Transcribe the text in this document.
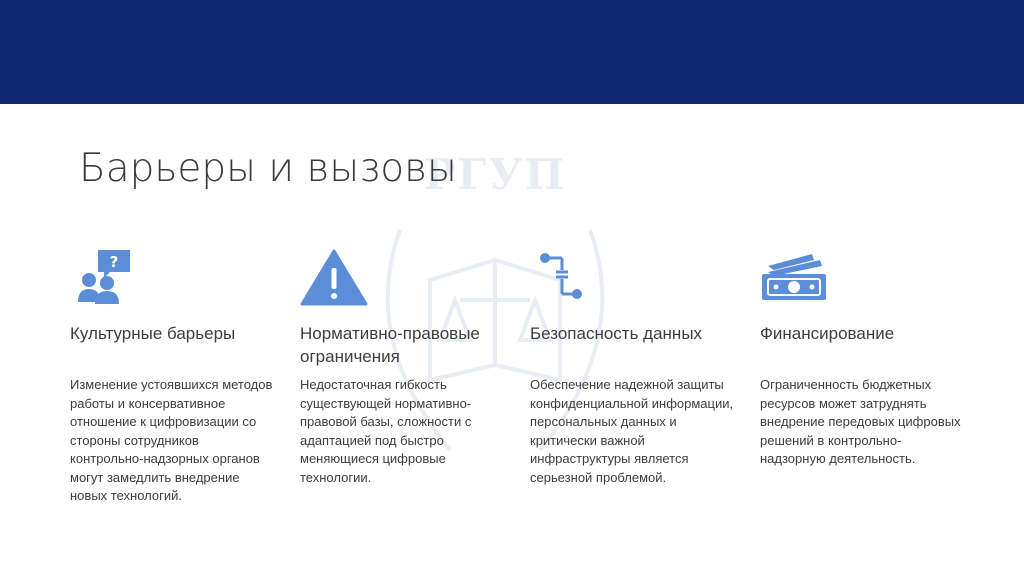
РГУП
Барьеры и вызовы
?
Культурные барьеры
Изменение устоявшихся методов работы и консервативное отношение к цифровизации со стороны сотрудников контрольно-надзорных органов могут замедлить внедрение новых технологий.
Нормативно-правовые ограничения
Недостаточная гибкость существующей нормативно-правовой базы, сложности с адаптацией под быстро меняющиеся цифровые технологии.
Безопасность данных
Обеспечение надежной защиты конфиденциальной информации, персональных данных и критически важной инфраструктуры является серьезной проблемой.
Финансирование
Ограниченность бюджетных ресурсов может затруднять внедрение передовых цифровых решений в контрольно-надзорную деятельность.
